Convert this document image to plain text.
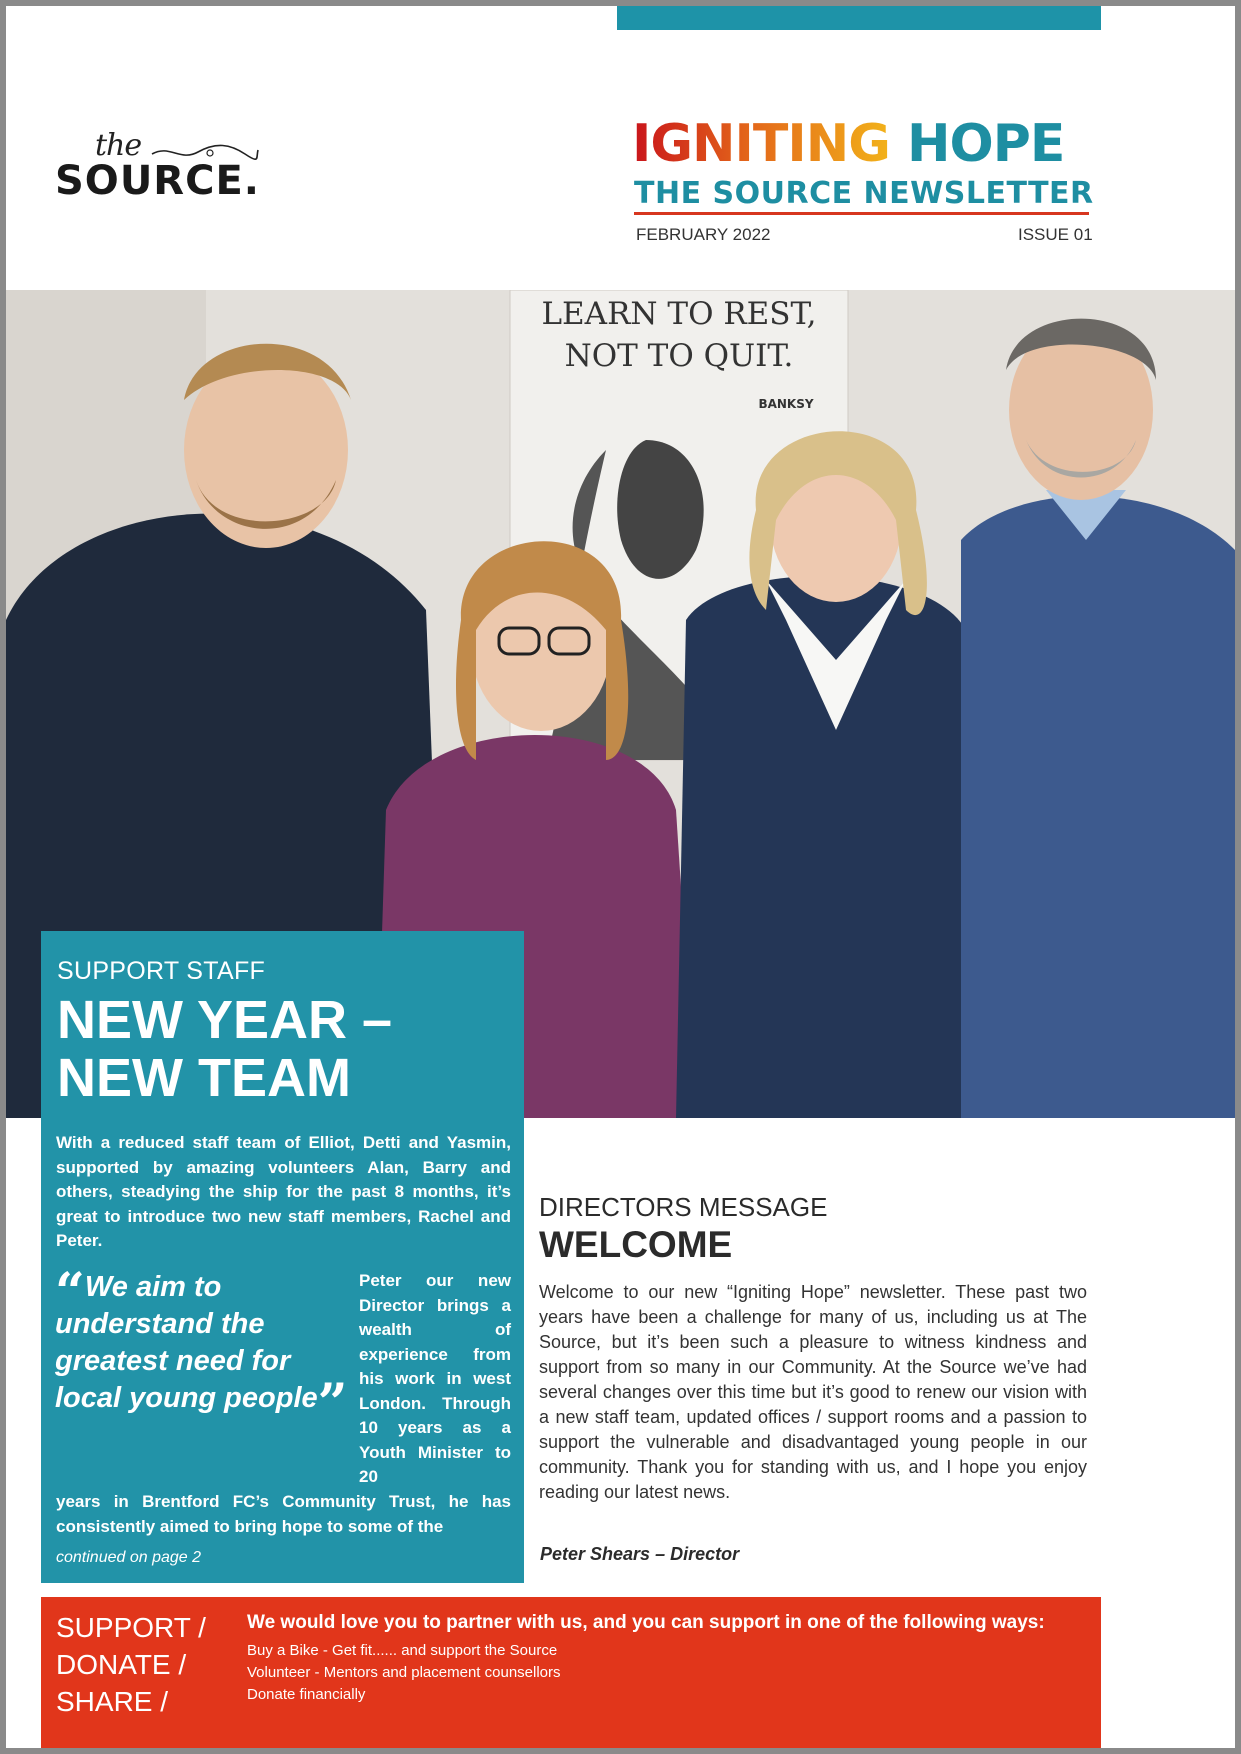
the
SOURCE.
IGNITING HOPE
THE SOURCE NEWSLETTER
FEBRUARY 2022	ISSUE 01
LEARN TO REST,
NOT TO QUIT.
BANKSY
SUPPORT STAFF
NEW YEAR –
NEW TEAM
With a reduced staff team of Elliot, Detti and Yasmin, supported by amazing volunteers Alan, Barry and others, steadying the ship for the past 8 months, it’s great to introduce two new staff members, Rachel and Peter.
“We aim to understand the greatest need for local young people”
Peter our new Director brings a wealth of experience from his work in west London. Through 10 years as a Youth Minister to 20
years in Brentford FC’s Community Trust, he has consistently aimed to bring hope to some of the
continued on page 2
DIRECTORS MESSAGE
WELCOME
Welcome to our new “Igniting Hope” newsletter. These past two years have been a challenge for many of us, including us at The Source, but it’s been such a pleasure to witness kindness and support from so many in our Community. At the Source we’ve had several changes over this time but it’s good to renew our vision with a new staff team, updated offices / support rooms and a passion to support the vulnerable and disadvantaged young people in our community. Thank you for standing with us, and I hope you enjoy reading our latest news.
Peter Shears – Director
SUPPORT /
DONATE /
SHARE /
We would love you to partner with us, and you can support in one of the following ways:
Buy a Bike - Get fit...... and support the Source
Volunteer - Mentors and placement counsellors
Donate financially
